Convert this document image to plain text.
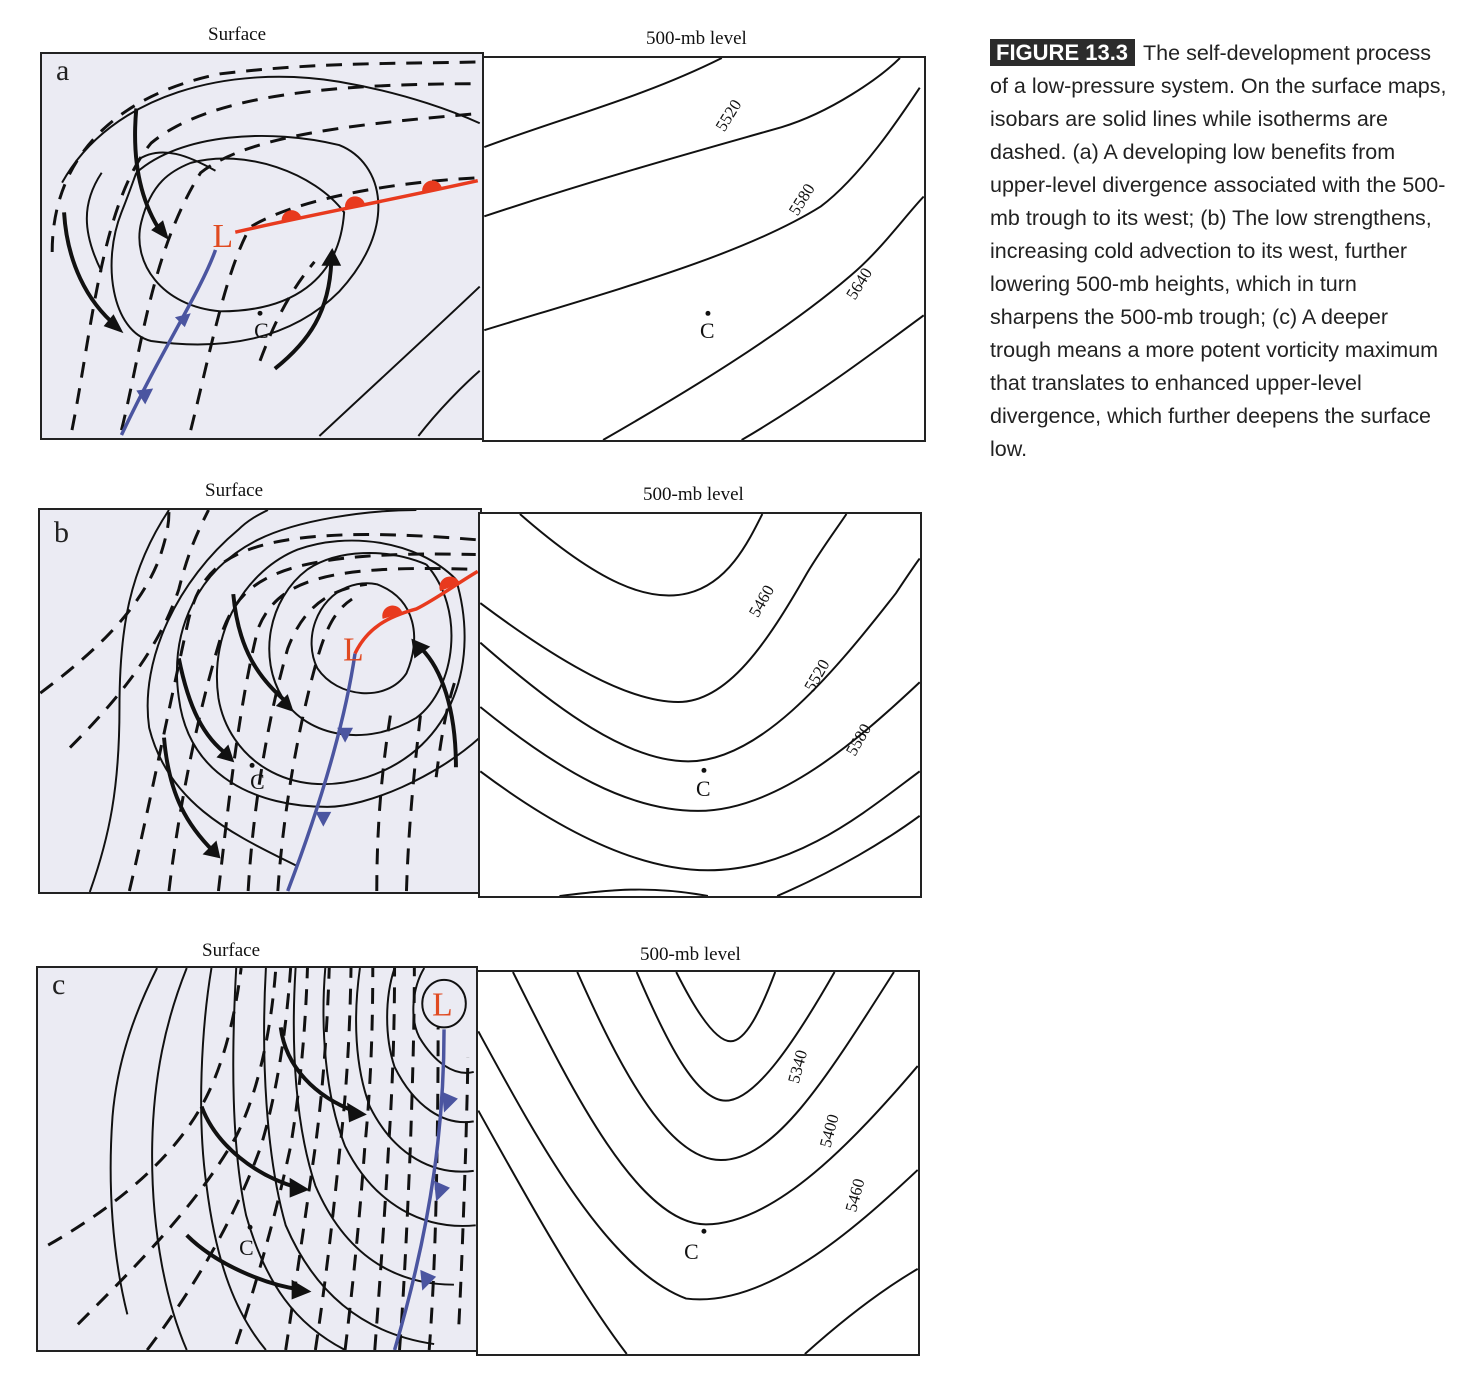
FIGURE 13.3 The self-development process of a low-pressure system. On the surface maps, isobars are solid lines while isotherms are dashed. (a) A developing low benefits from upper-level divergence associated with the 500-mb trough to its west; (b) The low strengthens, increasing cold advection to its west, further lowering 500-mb heights, which in turn sharpens the 500-mb trough; (c) A deeper trough means a more potent vorticity maximum that translates to enhanced upper-level divergence, which further deepens the surface low.
Surface	500-mb level
L
C
a
5520
5580
5640
C
Surface	500-mb level
L
C
b
5460
5520
5580
C
Surface	500-mb level
L
C
c
5340
5400
5460
C
